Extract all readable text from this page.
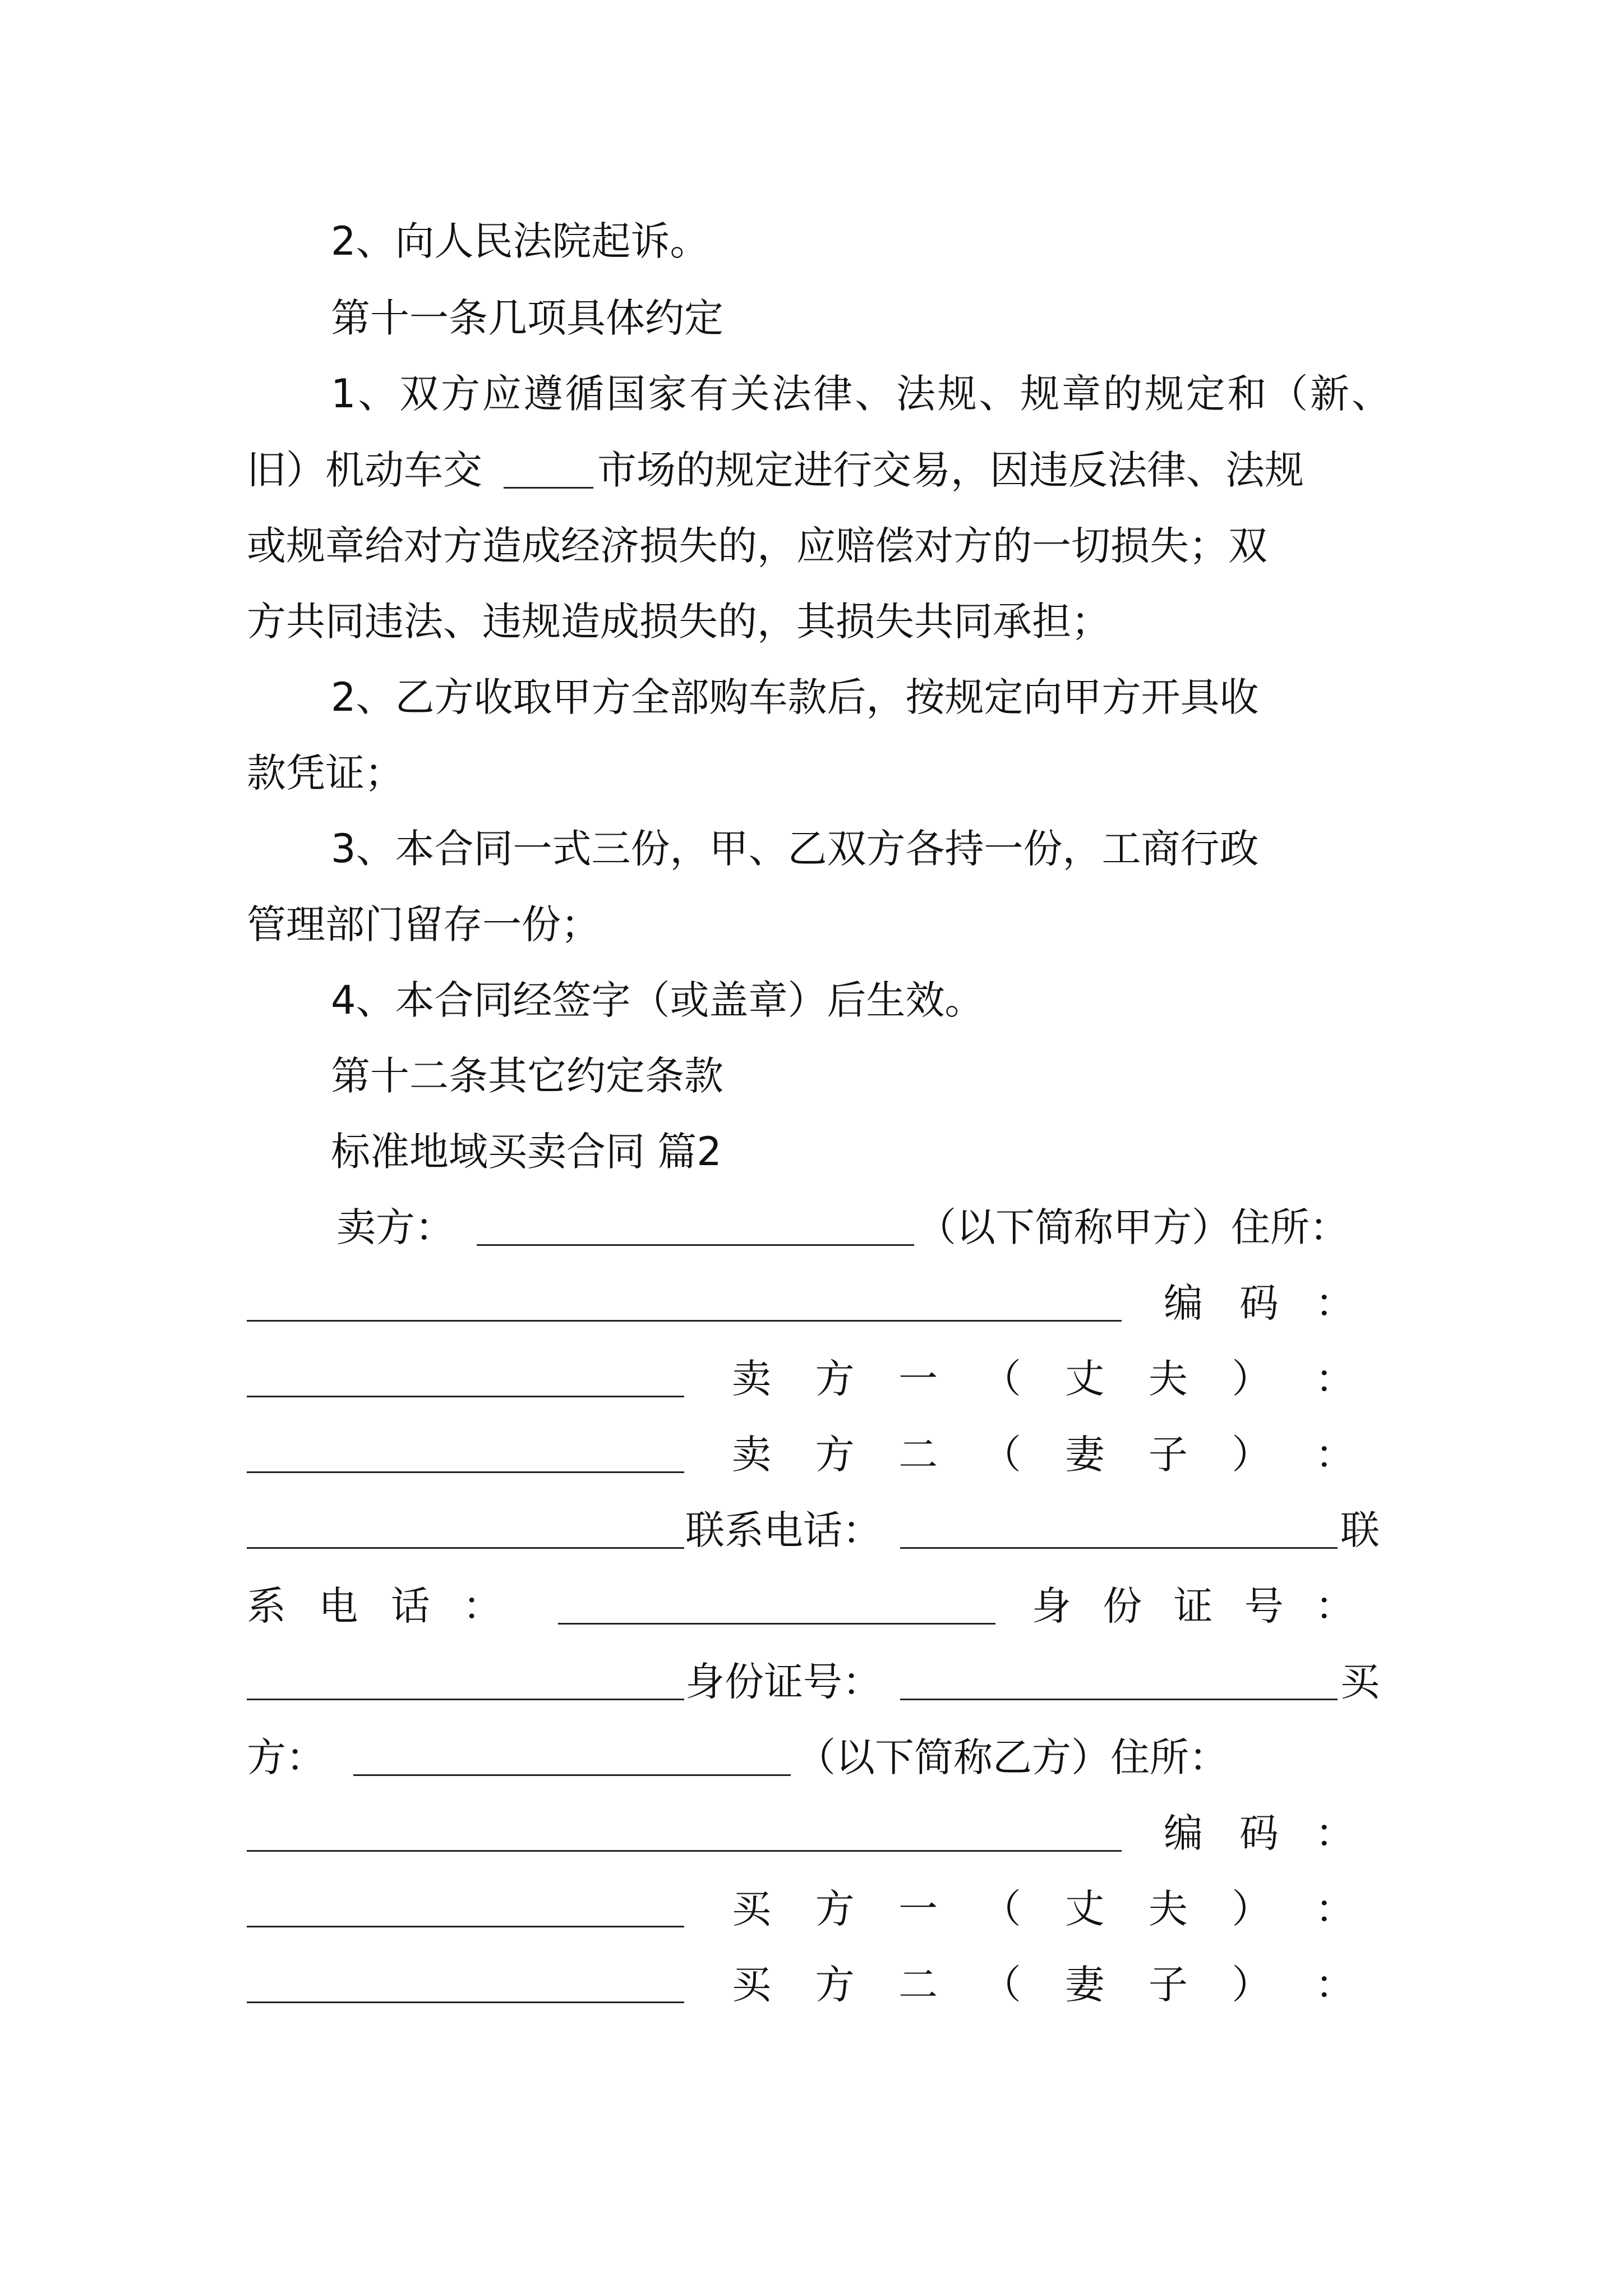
2、向人民法院起诉。
第十一条几项具体约定
1 、 双 方 应 遵 循 国 家 有 关 法 律 、 法 规 、 规 章 的 规 定 和 （ 新 、
旧）机动车交	市场的规定进行交易，因违反法律、法规
或规章给对方造成经济损失的，应赔偿对方的一切损失；双
方共同违法、违规造成损失的，其损失共同承担；
2、乙方收取甲方全部购车款后，按规定向甲方开具收
款凭证；
3、本合同一式三份，甲、乙双方各持一份，工商行政
管理部门留存一份；
4、本合同经签字（或盖章）后生效。
第十二条其它约定条款
标准地域买卖合同 篇2
卖方：	（以下简称甲方）住所：
编 码 ：
卖 方 一 （ 丈 夫 ） ：
卖 方 二 （ 妻 子 ） ：
联系电话：	联
系 电 话 ：	身 份 证 号 ：
身份证号：	买
方：	（以下简称乙方）住所：
编 码 ：
买 方 一 （ 丈 夫 ） ：
买 方 二 （ 妻 子 ） ：
